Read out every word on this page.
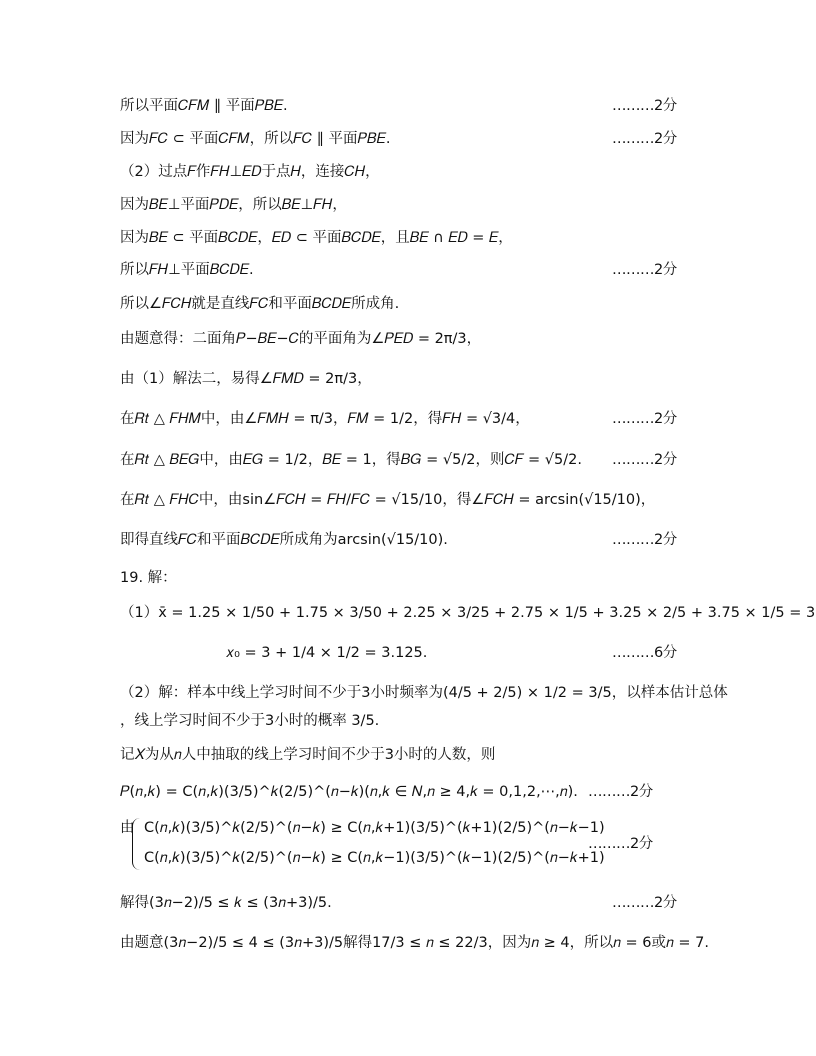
所以平面𝐶𝐹𝑀 ∥ 平面𝑃𝐵𝐸.	………2分
因为𝐹𝐶 ⊂ 平面𝐶𝐹𝑀，所以𝐹𝐶 ∥ 平面𝑃𝐵𝐸.	………2分
（2）过点𝐹作𝐹𝐻⊥𝐸𝐷于点𝐻，连接𝐶𝐻，
因为𝐵𝐸⊥平面𝑃𝐷𝐸，所以𝐵𝐸⊥𝐹𝐻，
因为𝐵𝐸 ⊂ 平面𝐵𝐶𝐷𝐸，𝐸𝐷 ⊂ 平面𝐵𝐶𝐷𝐸，且𝐵𝐸 ∩ 𝐸𝐷 = 𝐸，
所以𝐹𝐻⊥平面𝐵𝐶𝐷𝐸.	………2分
所以∠𝐹𝐶𝐻就是直线𝐹𝐶和平面𝐵𝐶𝐷𝐸所成角.
由题意得：二面角𝑃−𝐵𝐸−𝐶的平面角为∠𝑃𝐸𝐷 = 2π/3，
由（1）解法二，易得∠𝐹𝑀𝐷 = 2π/3，
在𝑅𝑡 △ 𝐹𝐻𝑀中，由∠𝐹𝑀𝐻 = π/3，𝐹𝑀 = 1/2，得𝐹𝐻 = √3/4，	………2分
在𝑅𝑡 △ 𝐵𝐸𝐺中，由𝐸𝐺 = 1/2，𝐵𝐸 = 1，得𝐵𝐺 = √5/2，则𝐶𝐹 = √5/2. ………2分
在𝑅𝑡 △ 𝐹𝐻𝐶中，由sin∠𝐹𝐶𝐻 = 𝐹𝐻/𝐹𝐶 = √15/10，得∠𝐹𝐶𝐻 = arcsin(√15/10)，
即得直线𝐹𝐶和平面𝐵𝐶𝐷𝐸所成角为arcsin(√15/10).	………2分
19. 解：
（1）x̄ = 1.25 × 1/50 + 1.75 × 3/50 + 2.25 × 3/25 + 2.75 × 1/5 + 3.25 × 2/5 + 3.75 × 1/5 = 3
𝑥₀ = 3 + 1/4 × 1/2 = 3.125.	………6分
（2）解：样本中线上学习时间不少于3小时频率为(4/5 + 2/5) × 1/2 = 3/5，以样本估计总体
，线上学习时间不少于3小时的概率 3/5.
记𝑋为从𝑛人中抽取的线上学习时间不少于3小时的人数，则
𝑃(𝑛,𝑘) = C(𝑛,𝑘)(3/5)^𝑘(2/5)^(𝑛−𝑘)(𝑛,𝑘 ∈ 𝑁,𝑛 ≥ 4,𝑘 = 0,1,2,⋯,𝑛). ………2分
由 C(𝑛,𝑘)(3/5)^𝑘(2/5)^(𝑛−𝑘) ≥ C(𝑛,𝑘+1)(3/5)^(𝑘+1)(2/5)^(𝑛−𝑘−1)
C(𝑛,𝑘)(3/5)^𝑘(2/5)^(𝑛−𝑘) ≥ C(𝑛,𝑘−1)(3/5)^(𝑘−1)(2/5)^(𝑛−𝑘+1)
………2分
解得(3𝑛−2)/5 ≤ 𝑘 ≤ (3𝑛+3)/5.	………2分
由题意(3𝑛−2)/5 ≤ 4 ≤ (3𝑛+3)/5解得17/3 ≤ 𝑛 ≤ 22/3，因为𝑛 ≥ 4，所以𝑛 = 6或𝑛 = 7.
